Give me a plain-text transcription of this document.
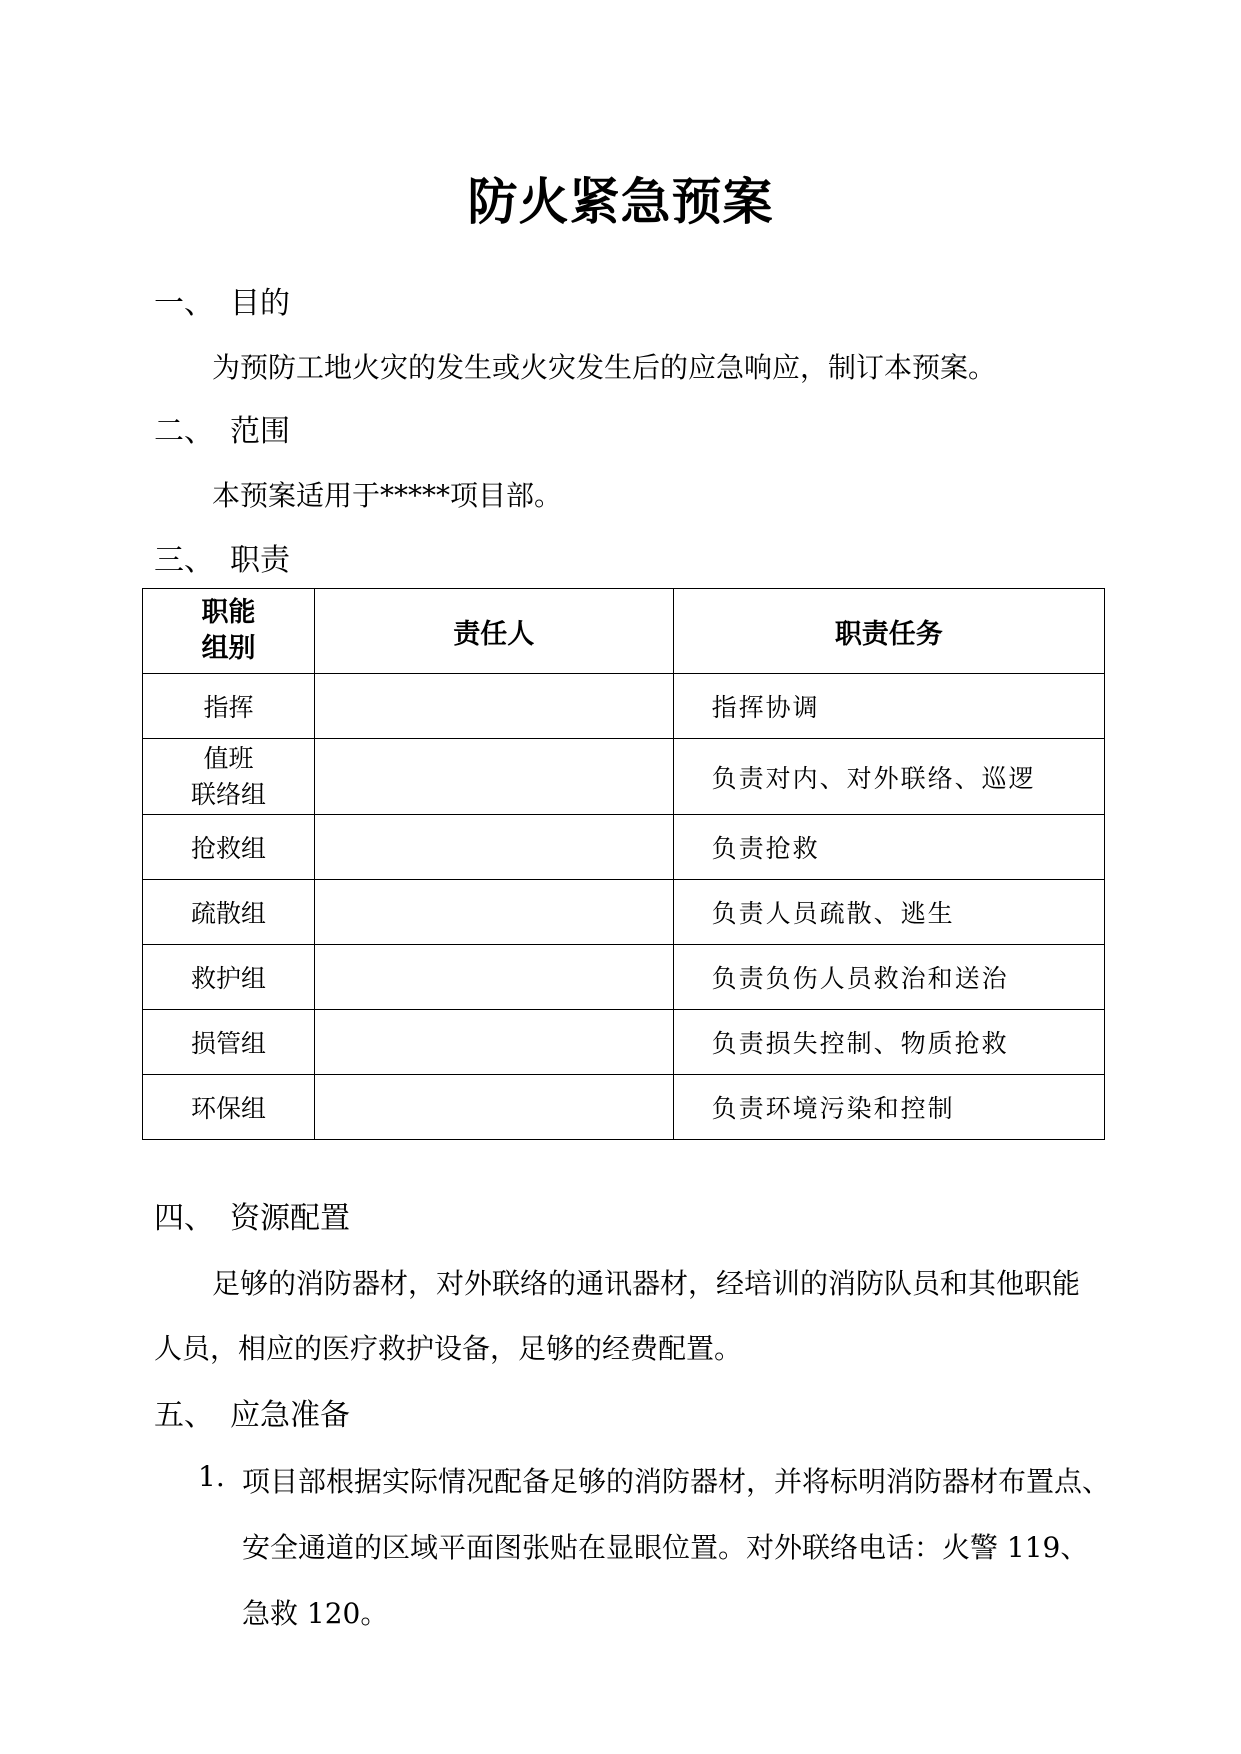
防火紧急预案
一、 目的
为预防工地火灾的发生或火灾发生后的应急响应，制订本预案。
二、 范围
本预案适用于*****项目部。
三、 职责
职能
组别	责任人	职责任务
指挥		指挥协调

值班
联络组		负责对内、对外联络、巡逻
抢救组		负责抢救
疏散组		负责人员疏散、逃生
救护组		负责负伤人员救治和送治
损管组		负责损失控制、物质抢救
环保组		负责环境污染和控制
四、 资源配置
足够的消防器材，对外联络的通讯器材，经培训的消防队员和其他职能
人员，相应的医疗救护设备，足够的经费配置。
五、 应急准备
1. 项目部根据实际情况配备足够的消防器材，并将标明消防器材布置点、
安全通道的区域平面图张贴在显眼位置。对外联络电话：火警 119、
急救 120。
